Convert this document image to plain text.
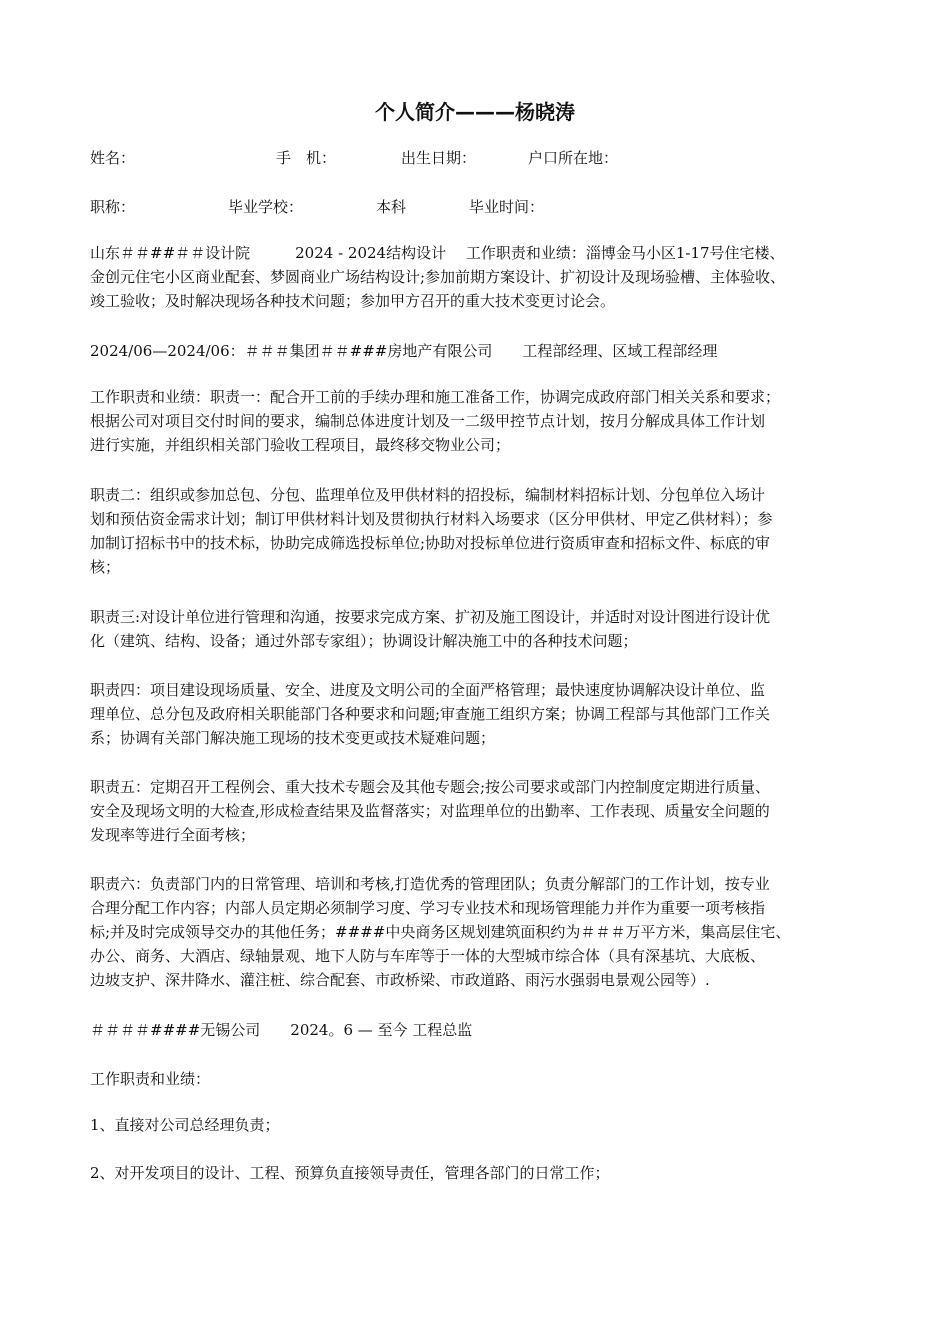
个人简介———杨晓涛
姓名：	手　机：	出生日期：	户口所在地：
职称：	毕业学校：	本科	毕业时间：
山东＃＃##＃＃设计院　　　2024 - 2024结构设计　 工作职责和业绩：淄博金马小区1-17号住宅楼、
金创元住宅小区商业配套、梦圆商业广场结构设计;参加前期方案设计、扩初设计及现场验槽、主体验收、
竣工验收；及时解决现场各种技术问题；参加甲方召开的重大技术变更讨论会。
2024/06—2024/06：＃＃＃集团＃＃###房地产有限公司　　工程部经理、区域工程部经理
工作职责和业绩：职责一：配合开工前的手续办理和施工准备工作，协调完成政府部门相关关系和要求；
根据公司对项目交付时间的要求，编制总体进度计划及一二级甲控节点计划，按月分解成具体工作计划
进行实施，并组织相关部门验收工程项目，最终移交物业公司；
职责二：组织或参加总包、分包、监理单位及甲供材料的招投标，编制材料招标计划、分包单位入场计
划和预估资金需求计划；制订甲供材料计划及贯彻执行材料入场要求（区分甲供材、甲定乙供材料）；参
加制订招标书中的技术标，协助完成筛选投标单位;协助对投标单位进行资质审查和招标文件、标底的审
核；
职责三:对设计单位进行管理和沟通，按要求完成方案、扩初及施工图设计，并适时对设计图进行设计优
化（建筑、结构、设备；通过外部专家组）；协调设计解决施工中的各种技术问题；
职责四：项目建设现场质量、安全、进度及文明公司的全面严格管理；最快速度协调解决设计单位、监
理单位、总分包及政府相关职能部门各种要求和问题;审查施工组织方案；协调工程部与其他部门工作关
系；协调有关部门解决施工现场的技术变更或技术疑难问题；
职责五：定期召开工程例会、重大技术专题会及其他专题会;按公司要求或部门内控制度定期进行质量、
安全及现场文明的大检查,形成检查结果及监督落实；对监理单位的出勤率、工作表现、质量安全问题的
发现率等进行全面考核；
职责六：负责部门内的日常管理、培训和考核,打造优秀的管理团队；负责分解部门的工作计划，按专业
合理分配工作内容；内部人员定期必须制学习度、学习专业技术和现场管理能力并作为重要一项考核指
标;并及时完成领导交办的其他任务；####中央商务区规划建筑面积约为＃＃＃万平方米，集高层住宅、
办公、商务、大酒店、绿轴景观、地下人防与车库等于一体的大型城市综合体（具有深基坑、大底板、
边坡支护、深井降水、灌注桩、综合配套、市政桥梁、市政道路、雨污水强弱电景观公园等）.
＃＃＃＃####无锡公司　　2024。6 — 至今 工程总监
工作职责和业绩：
1、直接对公司总经理负责；
2、对开发项目的设计、工程、预算负直接领导责任，管理各部门的日常工作；
